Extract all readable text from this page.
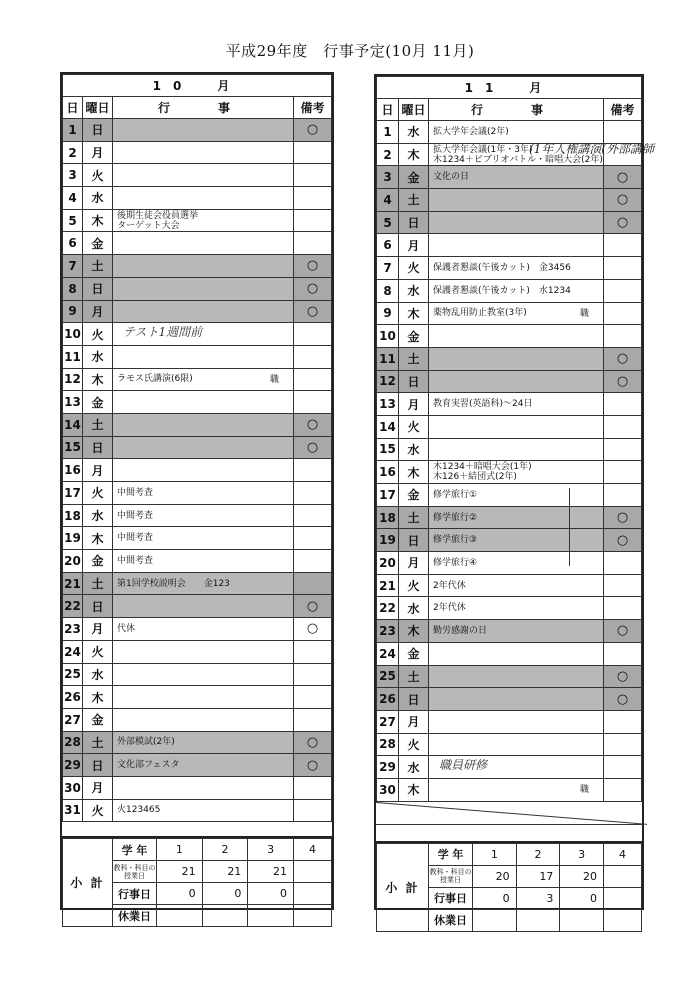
平成29年度　行事予定(10月 11月)
10　月			
日	曜日	行　事	備考
1	日		○
2	月	

3	火	

4	水	

5	木	後期生徒会役員選挙
ターゲット大会	

6	金	

7	土		○
8	日		○
9	月		○
10	火	テスト1週間前	

11	水	

12	木	ラモス氏講演(6限) 職	

13	金	

14	土		○
15	日		○
16	月	

17	火	中間考査	

18	水	中間考査	

19	木	中間考査	

20	金	中間考査	

21	土	第1回学校説明会　　金123	

22	日		○
23	月	代休	○
24	火	

25	水	

26	木	

27	金	

28	土	外部模試(2年)	○
29	日	文化部フェスタ	○
30	月	

31	火	火123465	

小 計	学 年	1	2	3	4
	教科・科目の授業日	21	21	21	
	行事日	0	0	0	
	休業日				
11　月			
日	曜日	行　事	備考
1	水	拡大学年会議(2年)	

2	木	拡大学年会議(1年・3年)
木1234＋ビブリオバトル・暗唱大会(2年)
(1年人権講演(外部講師	

3	金	文化の日	○
4	土		○
5	日		○
6	月	

7	火	保護者懇談(午後カット)　金3456	

8	水	保護者懇談(午後カット)　水1234	

9	木	薬物乱用防止教室(3年) 職	

10	金	

11	土		○
12	日		○
13	月	教育実習(英語科)～24日	

14	火	

15	水	

16	木	木1234＋暗唱大会(1年)
木126＋結団式(2年)	

17	金	修学旅行①	

18	土	修学旅行②	○
19	日	修学旅行③	○
20	月	修学旅行④	

21	火	2年代休	

22	水	2年代休	

23	木	勤労感謝の日	○
24	金	

25	土		○
26	日		○
27	月	

28	火	

29	水	職員研修	

30	木	職	

小 計	学 年	1	2	3	4
	教科・科目の授業日	20	17	20	
	行事日	0	3	0	
	休業日				
